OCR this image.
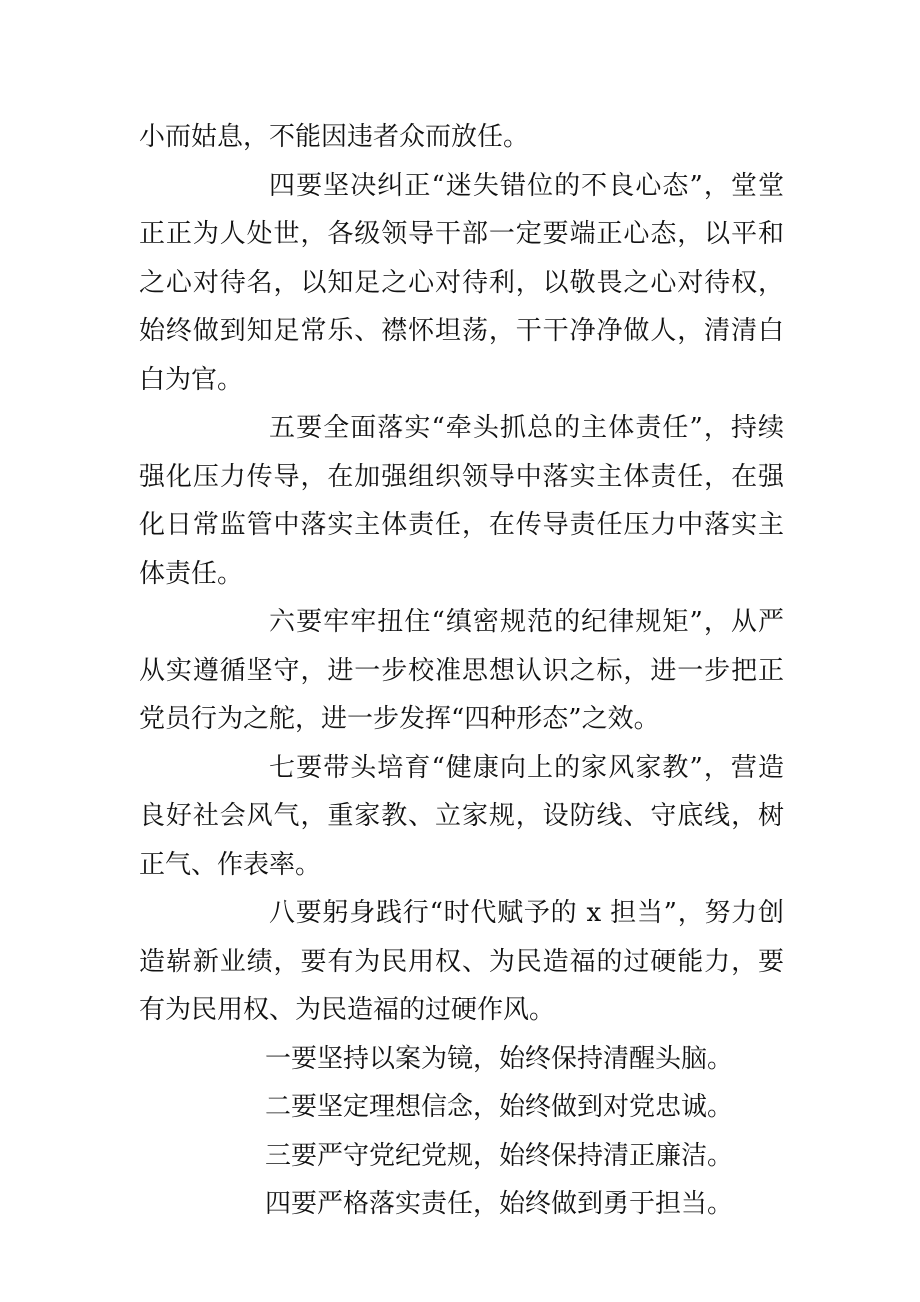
小而姑息，不能因违者众而放任。

四要坚决纠正“迷失错位的不良心态”，堂堂正正为人处世，各级领导干部一定要端正心态，以平和之心对待名，以知足之心对待利，以敬畏之心对待权，始终做到知足常乐、襟怀坦荡，干干净净做人，清清白白为官。

五要全面落实“牵头抓总的主体责任”，持续强化压力传导，在加强组织领导中落实主体责任，在强化日常监管中落实主体责任，在传导责任压力中落实主体责任。

六要牢牢扭住“缜密规范的纪律规矩”，从严从实遵循坚守，进一步校准思想认识之标，进一步把正党员行为之舵，进一步发挥“四种形态”之效。

七要带头培育“健康向上的家风家教”，营造良好社会风气，重家教、立家规，设防线、守底线，树正气、作表率。

八要躬身践行“时代赋予的 x 担当”，努力创造崭新业绩，要有为民用权、为民造福的过硬能力，要有为民用权、为民造福的过硬作风。

一要坚持以案为镜，始终保持清醒头脑。

二要坚定理想信念，始终做到对党忠诚。

三要严守党纪党规，始终保持清正廉洁。

四要严格落实责任，始终做到勇于担当。
